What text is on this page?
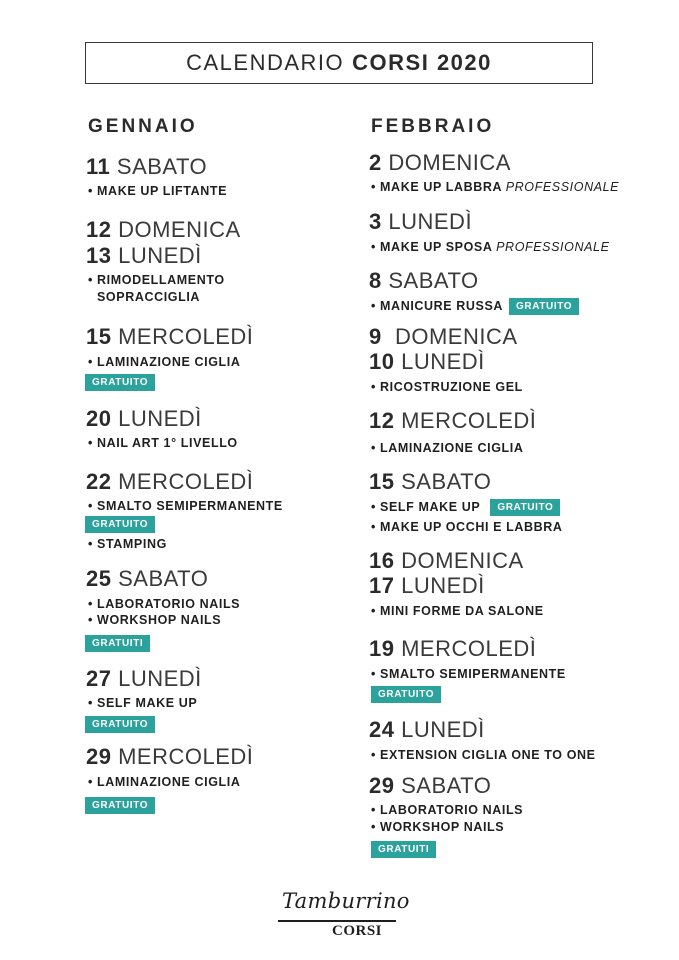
CALENDARIO CORSI 2020
GENNAIO
11 SABATO
• MAKE UP LIFTANTE
12 DOMENICA
13 LUNEDÌ
• RIMODELLAMENTO
SOPRACCIGLIA
15 MERCOLEDÌ
• LAMINAZIONE CIGLIA
GRATUITO
20 LUNEDÌ
• NAIL ART 1° LIVELLO
22 MERCOLEDÌ
• SMALTO SEMIPERMANENTE
GRATUITO
• STAMPING
25 SABATO
• LABORATORIO NAILS
• WORKSHOP NAILS
GRATUITI
27 LUNEDÌ
• SELF MAKE UP
GRATUITO
29 MERCOLEDÌ
• LAMINAZIONE CIGLIA
GRATUITO
FEBBRAIO
2 DOMENICA
• MAKE UP LABBRA PROFESSIONALE
3 LUNEDÌ
• MAKE UP SPOSA PROFESSIONALE
8 SABATO
• MANICURE RUSSA GRATUITO
9 DOMENICA
10 LUNEDÌ
• RICOSTRUZIONE GEL
12 MERCOLEDÌ
• LAMINAZIONE CIGLIA
15 SABATO
• SELF MAKE UP GRATUITO
• MAKE UP OCCHI E LABBRA
16 DOMENICA
17 LUNEDÌ
• MINI FORME DA SALONE
19 MERCOLEDÌ
• SMALTO SEMIPERMANENTE
GRATUITO
24 LUNEDÌ
• EXTENSION CIGLIA ONE TO ONE
29 SABATO
• LABORATORIO NAILS
• WORKSHOP NAILS
GRATUITI
Tamburrino
CORSI
